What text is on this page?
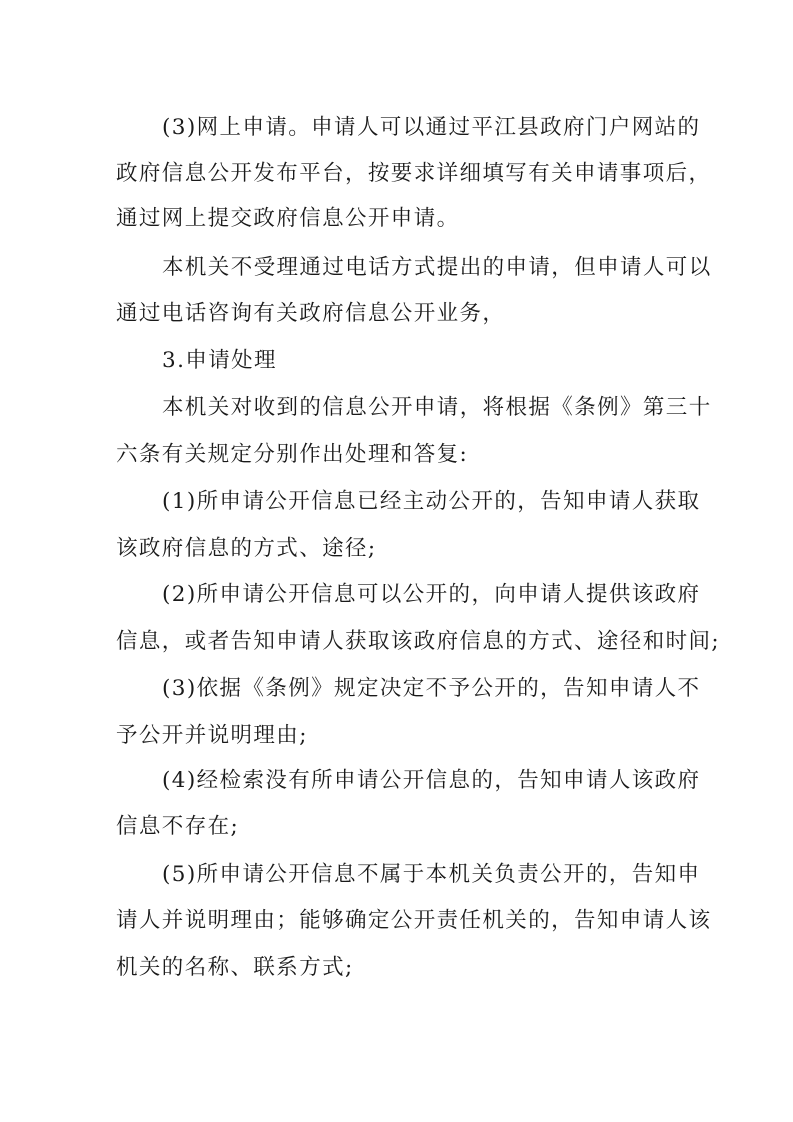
(3)网上申请。申请人可以通过平江县政府门户网站的
政府信息公开发布平台，按要求详细填写有关申请事项后，
通过网上提交政府信息公开申请。
本机关不受理通过电话方式提出的申请，但申请人可以
通过电话咨询有关政府信息公开业务，
3.申请处理
本机关对收到的信息公开申请，将根据《条例》第三十
六条有关规定分别作出处理和答复:
(1)所申请公开信息已经主动公开的，告知申请人获取
该政府信息的方式、途径;
(2)所申请公开信息可以公开的，向申请人提供该政府
信息，或者告知申请人获取该政府信息的方式、途径和时间;
(3)依据《条例》规定决定不予公开的，告知申请人不
予公开并说明理由;
(4)经检索没有所申请公开信息的，告知申请人该政府
信息不存在;
(5)所申请公开信息不属于本机关负责公开的，告知申
请人并说明理由；能够确定公开责任机关的，告知申请人该
机关的名称、联系方式;
